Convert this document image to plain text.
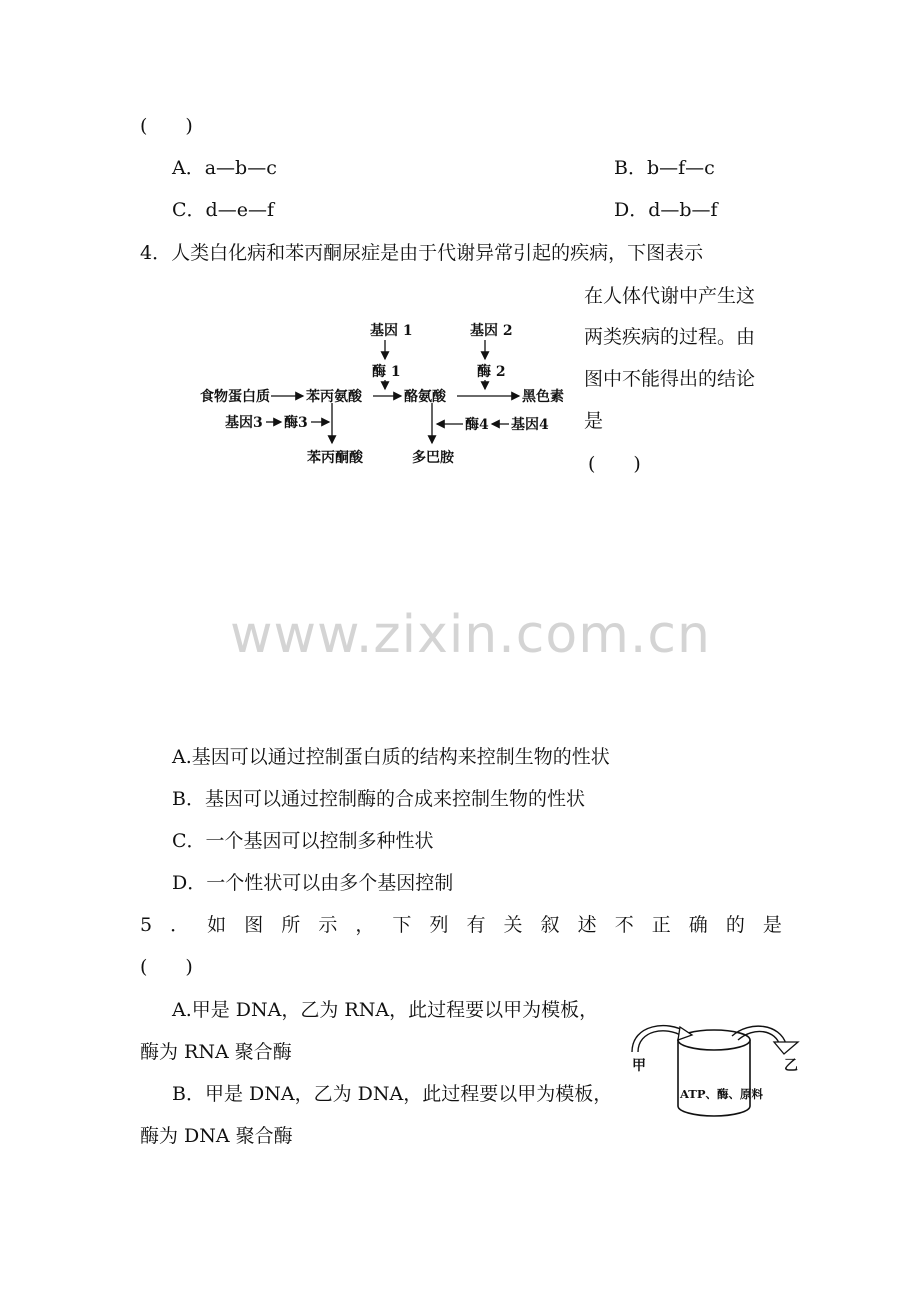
(　　)
A．a—b—c	B．b—f—c
C．d—e—f	D．d—b—f
4．人类白化病和苯丙酮尿症是由于代谢异常引起的疾病，下图表示
在人体代谢中产生这
两类疾病的过程。由
图中不能得出的结论
是
(　　)
基因 1	基因 2
酶 1	酶 2
食物蛋白质	苯丙氨酸	酪氨酸	黑色素
基因3 酶3	酶4 基因4
苯丙酮酸	多巴胺
www.zixin.com.cn
A.基因可以通过控制蛋白质的结构来控制生物的性状
B．基因可以通过控制酶的合成来控制生物的性状
C．一个基因可以控制多种性状
D．一个性状可以由多个基因控制
5 ． 如 图 所 示 ， 下 列 有 关 叙 述 不 正 确 的 是
(　　)
A.甲是 DNA，乙为 RNA，此过程要以甲为模板，
酶为 RNA 聚合酶
B．甲是 DNA，乙为 DNA，此过程要以甲为模板，
酶为 DNA 聚合酶
甲	乙
ATP、酶、原料
